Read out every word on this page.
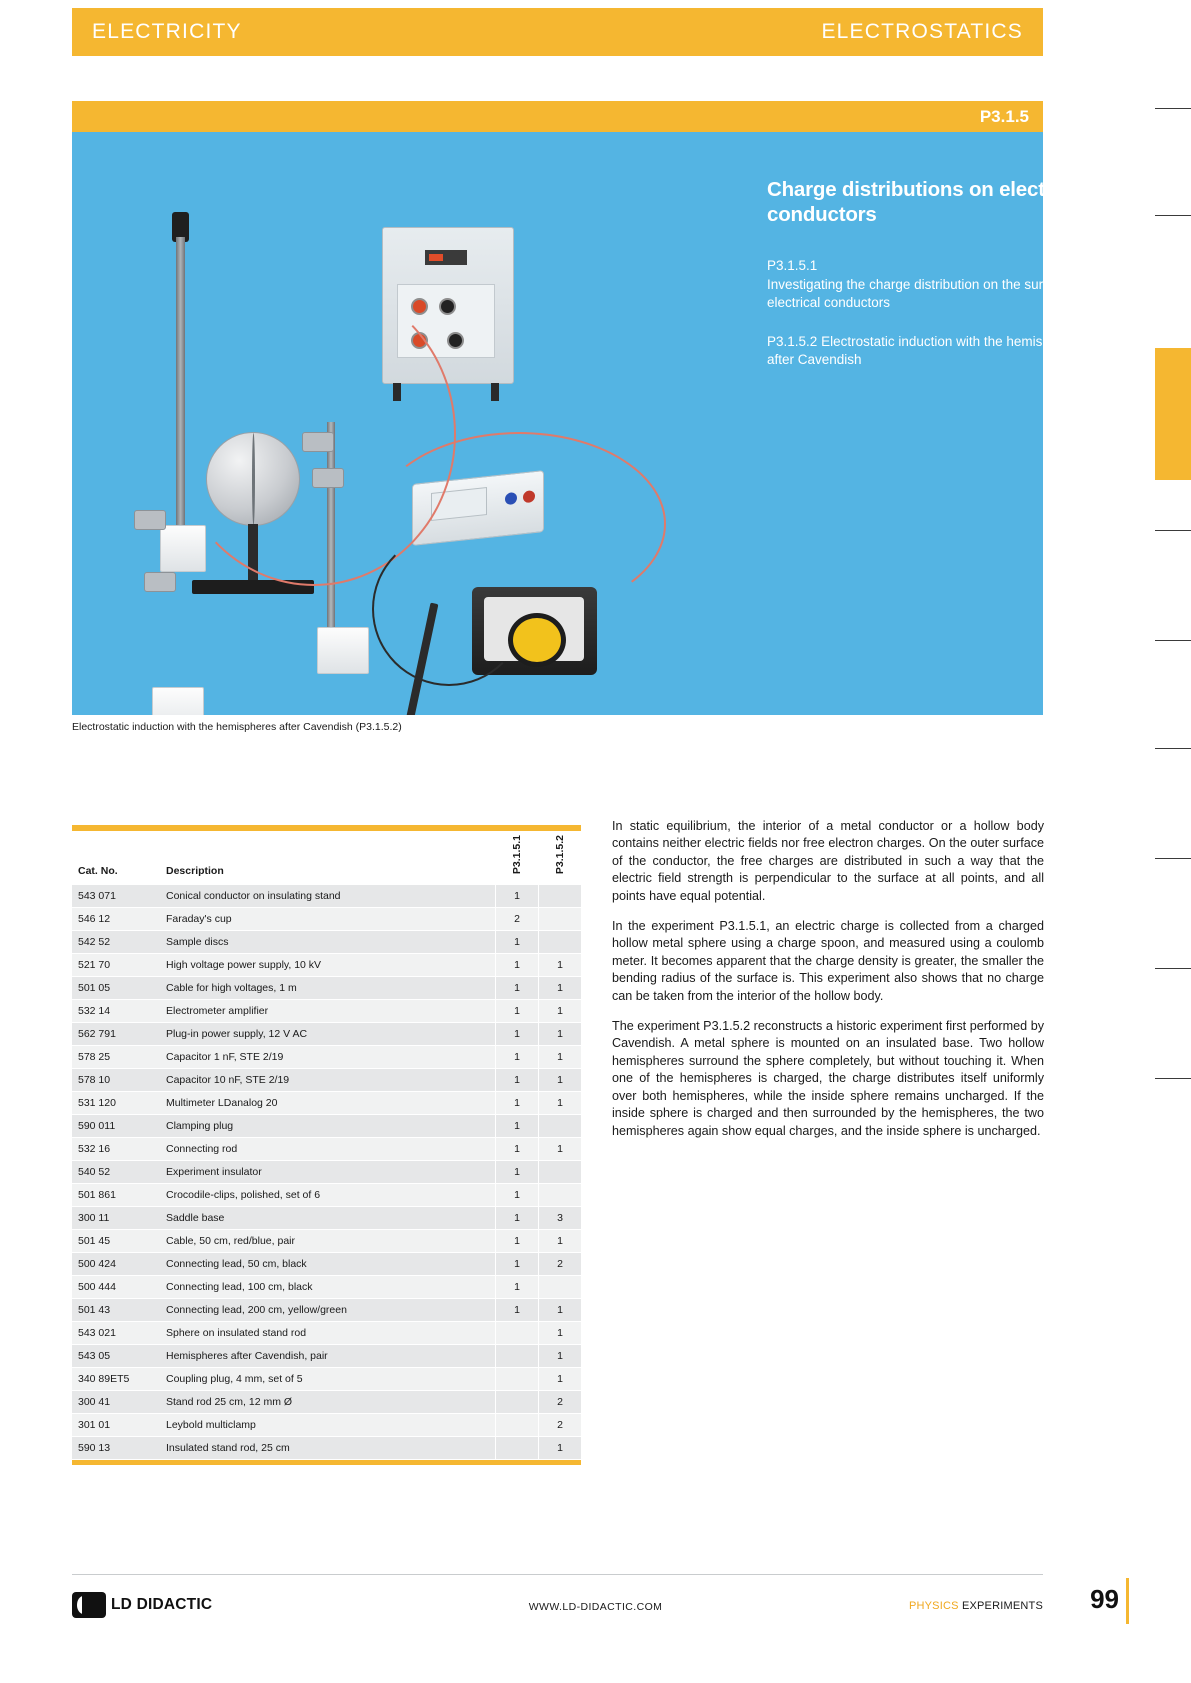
ELECTRICITY	ELECTROSTATICS
P3.1.5
Charge distributions on electrical conductors
P3.1.5.1
Investigating the charge distribution on the surface of electrical conductors
P3.1.5.2 Electrostatic induction with the hemispheres after Cavendish
Electrostatic induction with the hemispheres after Cavendish (P3.1.5.2)

Cat. No.	Description	P3.1.5.1	P3.1.5.2
543 071	Conical conductor on insulating stand	1	
546 12	Faraday's cup	2	
542 52	Sample discs	1	
521 70	High voltage power supply, 10 kV	1	1
501 05	Cable for high voltages, 1 m	1	1
532 14	Electrometer amplifier	1	1
562 791	Plug-in power supply, 12 V AC	1	1
578 25	Capacitor 1 nF, STE 2/19	1	1
578 10	Capacitor 10 nF, STE 2/19	1	1
531 120	Multimeter LDanalog 20	1	1
590 011	Clamping plug	1	
532 16	Connecting rod	1	1
540 52	Experiment insulator	1	
501 861	Crocodile-clips, polished, set of 6	1	
300 11	Saddle base	1	3
501 45	Cable, 50 cm, red/blue, pair	1	1
500 424	Connecting lead, 50 cm, black	1	2
500 444	Connecting lead, 100 cm, black	1	
501 43	Connecting lead, 200 cm, yellow/green	1	1
543 021	Sphere on insulated stand rod		1
543 05	Hemispheres after Cavendish, pair		1
340 89ET5	Coupling plug, 4 mm, set of 5		1
300 41	Stand rod 25 cm, 12 mm Ø		2
301 01	Leybold multiclamp		2
590 13	Insulated stand rod, 25 cm		1

In static equilibrium, the interior of a metal conductor or a hollow body contains neither electric fields nor free electron charges. On the outer surface of the conductor, the free charges are distributed in such a way that the electric field strength is perpendicular to the surface at all points, and all points have equal potential.

In the experiment P3.1.5.1, an electric charge is collected from a charged hollow metal sphere using a charge spoon, and measured using a coulomb meter. It becomes apparent that the charge density is greater, the smaller the bending radius of the surface is. This experiment also shows that no charge can be taken from the interior of the hollow body.

The experiment P3.1.5.2 reconstructs a historic experiment first performed by Cavendish. A metal sphere is mounted on an insulated base. Two hollow hemispheres surround the sphere completely, but without touching it. When one of the hemispheres is charged, the charge distributes itself uniformly over both hemispheres, while the inside sphere remains uncharged. If the inside sphere is charged and then surrounded by the hemispheres, the two hemispheres again show equal charges, and the inside sphere is uncharged.

LD DIDACTIC	WWW.LD-DIDACTIC.COM	PHYSICS EXPERIMENTS 99
